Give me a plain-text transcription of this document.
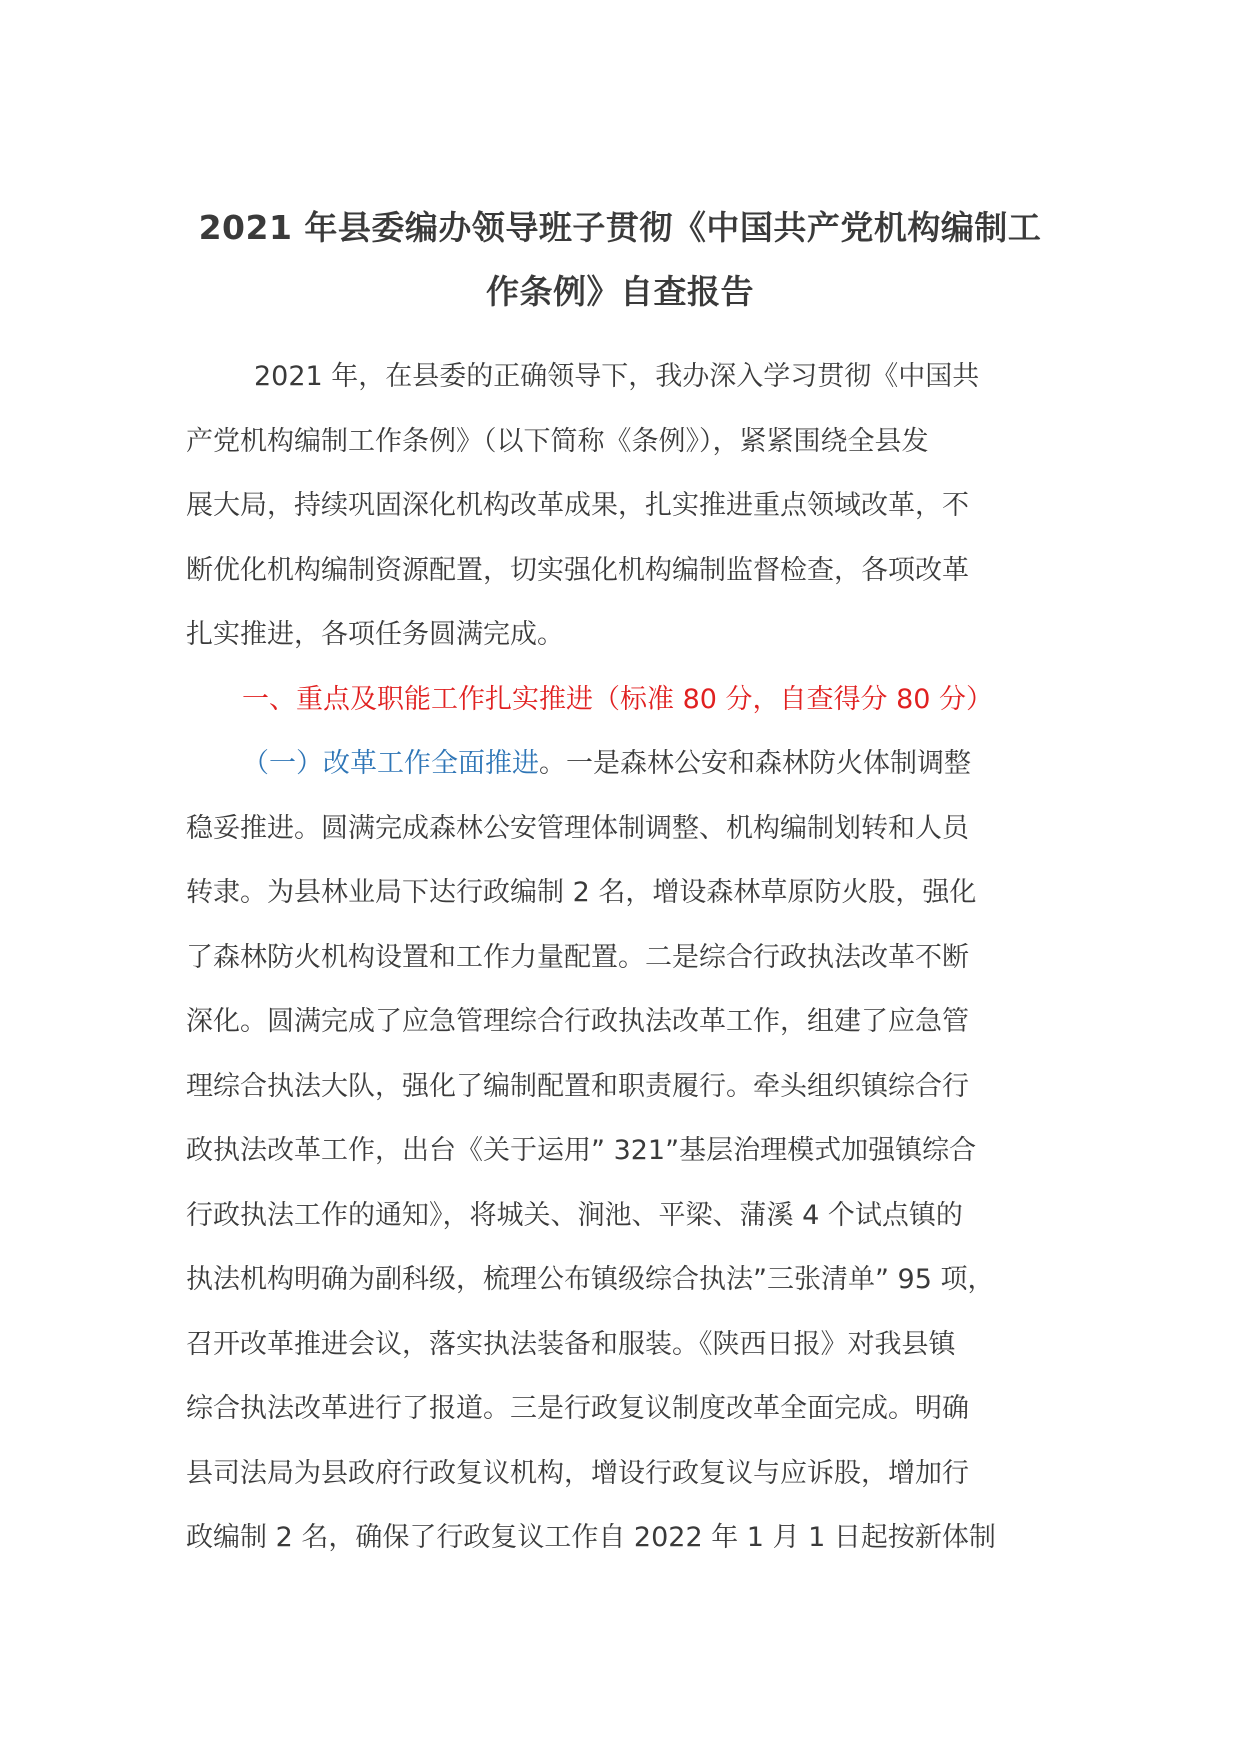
2021 年县委编办领导班子贯彻《中国共产党机构编制工
作条例》自查报告
2021 年，在县委的正确领导下，我办深入学习贯彻《中国共
产党机构编制工作条例》（以下简称《条例》），紧紧围绕全县发
展大局，持续巩固深化机构改革成果，扎实推进重点领域改革，不
断优化机构编制资源配置，切实强化机构编制监督检查，各项改革
扎实推进，各项任务圆满完成。
一、重点及职能工作扎实推进（标准 80 分，自查得分 80 分）
（一）改革工作全面推进。一是森林公安和森林防火体制调整
稳妥推进。圆满完成森林公安管理体制调整、机构编制划转和人员
转隶。为县林业局下达行政编制 2 名，增设森林草原防火股，强化
了森林防火机构设置和工作力量配置。二是综合行政执法改革不断
深化。圆满完成了应急管理综合行政执法改革工作，组建了应急管
理综合执法大队，强化了编制配置和职责履行。牵头组织镇综合行
政执法改革工作，出台《关于运用” 321”基层治理模式加强镇综合
行政执法工作的通知》，将城关、涧池、平梁、蒲溪 4 个试点镇的
执法机构明确为副科级，梳理公布镇级综合执法”三张清单” 95 项，
召开改革推进会议，落实执法装备和服装。《陕西日报》对我县镇
综合执法改革进行了报道。三是行政复议制度改革全面完成。明确
县司法局为县政府行政复议机构，增设行政复议与应诉股，增加行
政编制 2 名，确保了行政复议工作自 2022 年 1 月 1 日起按新体制
